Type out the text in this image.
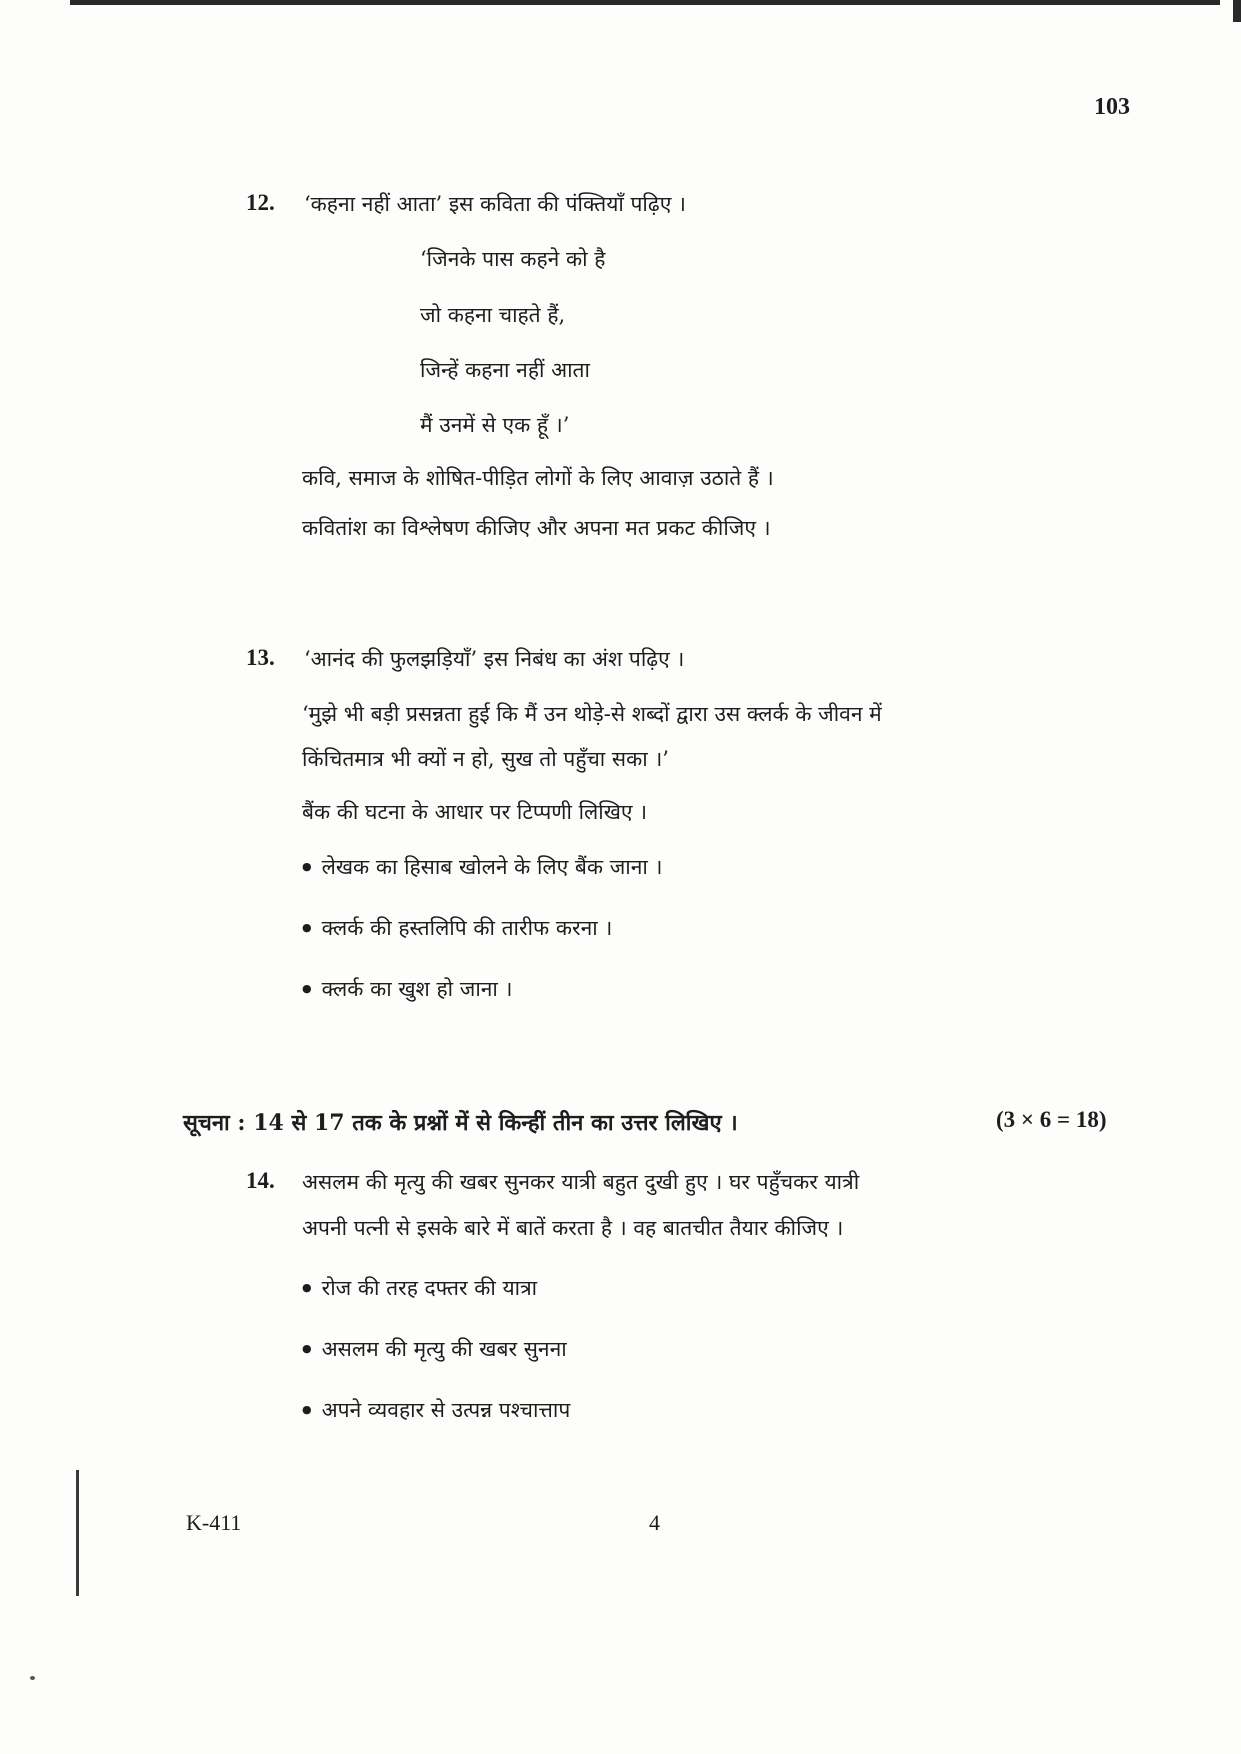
103
12. ‘कहना नहीं आता’ इस कविता की पंक्तियाँ पढ़िए ।
‘जिनके पास कहने को है
जो कहना चाहते हैं,
जिन्हें कहना नहीं आता
मैं उनमें से एक हूँ ।’
कवि, समाज के शोषित-पीड़ित लोगों के लिए आवाज़ उठाते हैं ।
कवितांश का विश्लेषण कीजिए और अपना मत प्रकट कीजिए ।
13. ‘आनंद की फुलझड़ियाँ’ इस निबंध का अंश पढ़िए ।
‘मुझे भी बड़ी प्रसन्नता हुई कि मैं उन थोड़े-से शब्दों द्वारा उस क्लर्क के जीवन में
किंचितमात्र भी क्यों न हो, सुख तो पहुँचा सका ।’
बैंक की घटना के आधार पर टिप्पणी लिखिए ।
● लेखक का हिसाब खोलने के लिए बैंक जाना ।
● क्लर्क की हस्तलिपि की तारीफ करना ।
● क्लर्क का खुश हो जाना ।
सूचना : 14 से 17 तक के प्रश्नों में से किन्हीं तीन का उत्तर लिखिए ।	(3 × 6 = 18)
14. असलम की मृत्यु की खबर सुनकर यात्री बहुत दुखी हुए । घर पहुँचकर यात्री
अपनी पत्नी से इसके बारे में बातें करता है । वह बातचीत तैयार कीजिए ।
● रोज की तरह दफ्तर की यात्रा
● असलम की मृत्यु की खबर सुनना
● अपने व्यवहार से उत्पन्न पश्चात्ताप
K-411	4
